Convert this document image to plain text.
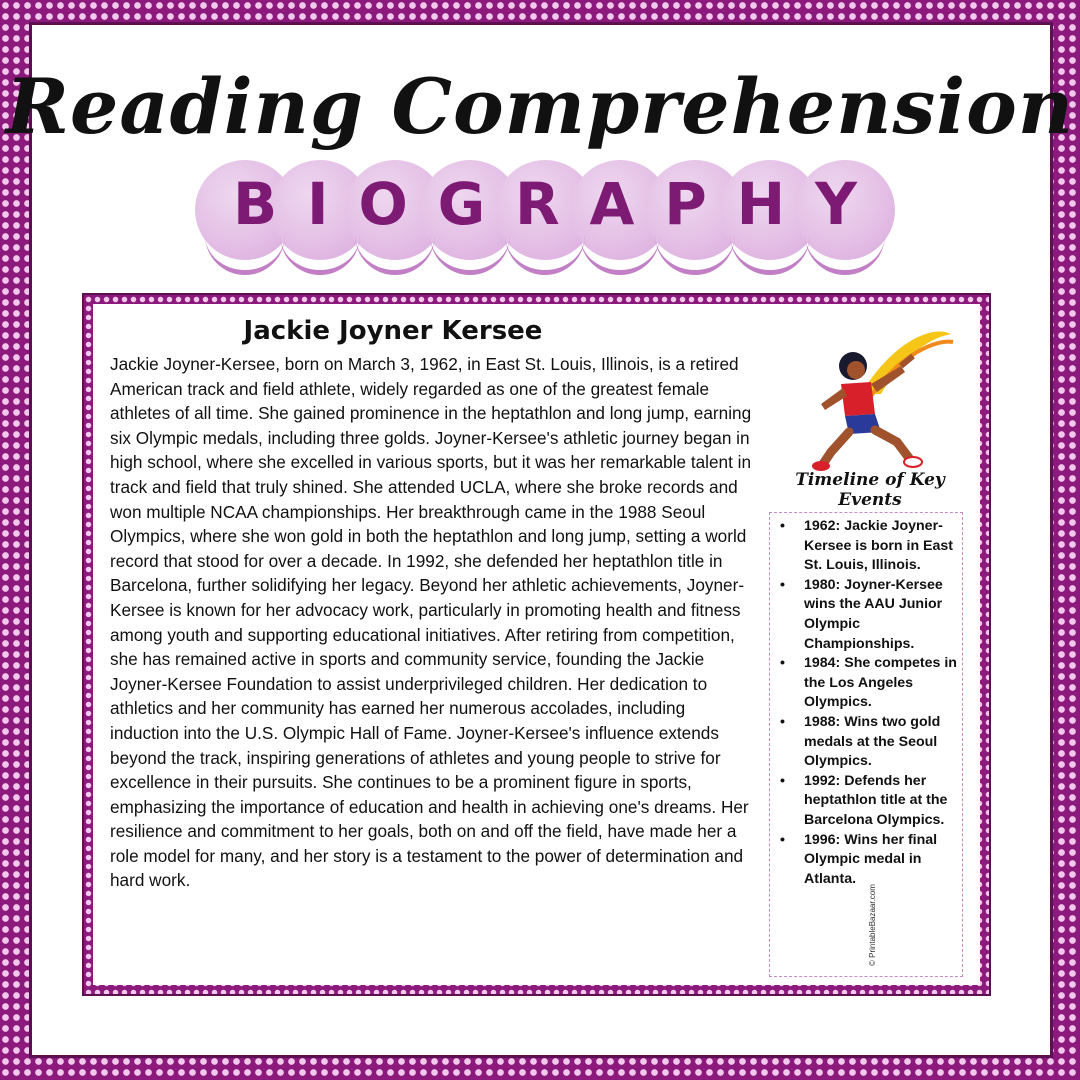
Reading Comprehension
B I O G R A P H Y
Jackie Joyner Kersee

Jackie Joyner-Kersee, born on March 3, 1962, in East St. Louis, Illinois, is a retired American track and field athlete, widely regarded as one of the greatest female athletes of all time. She gained prominence in the heptathlon and long jump, earning six Olympic medals, including three golds. Joyner-Kersee's athletic journey began in high school, where she excelled in various sports, but it was her remarkable talent in track and field that truly shined. She attended UCLA, where she broke records and won multiple NCAA championships. Her breakthrough came in the 1988 Seoul Olympics, where she won gold in both the heptathlon and long jump, setting a world record that stood for over a decade. In 1992, she defended her heptathlon title in Barcelona, further solidifying her legacy. Beyond her athletic achievements, Joyner-Kersee is known for her advocacy work, particularly in promoting health and fitness among youth and supporting educational initiatives. After retiring from competition, she has remained active in sports and community service, founding the Jackie Joyner-Kersee Foundation to assist underprivileged children. Her dedication to athletics and her community has earned her numerous accolades, including induction into the U.S. Olympic Hall of Fame. Joyner-Kersee's influence extends beyond the track, inspiring generations of athletes and young people to strive for excellence in their pursuits. She continues to be a prominent figure in sports, emphasizing the importance of education and health in achieving one's dreams. Her resilience and commitment to her goals, both on and off the field, have made her a role model for many, and her story is a testament to the power of determination and hard work.

Timeline of Key Events
• 1962: Jackie Joyner-Kersee is born in East St. Louis, Illinois.
• 1980: Joyner-Kersee wins the AAU Junior Olympic Championships.
• 1984: She competes in the Los Angeles Olympics.
• 1988: Wins two gold medals at the Seoul Olympics.
• 1992: Defends her heptathlon title at the Barcelona Olympics.
• 1996: Wins her final Olympic medal in Atlanta.
© PrintableBazaar.com
